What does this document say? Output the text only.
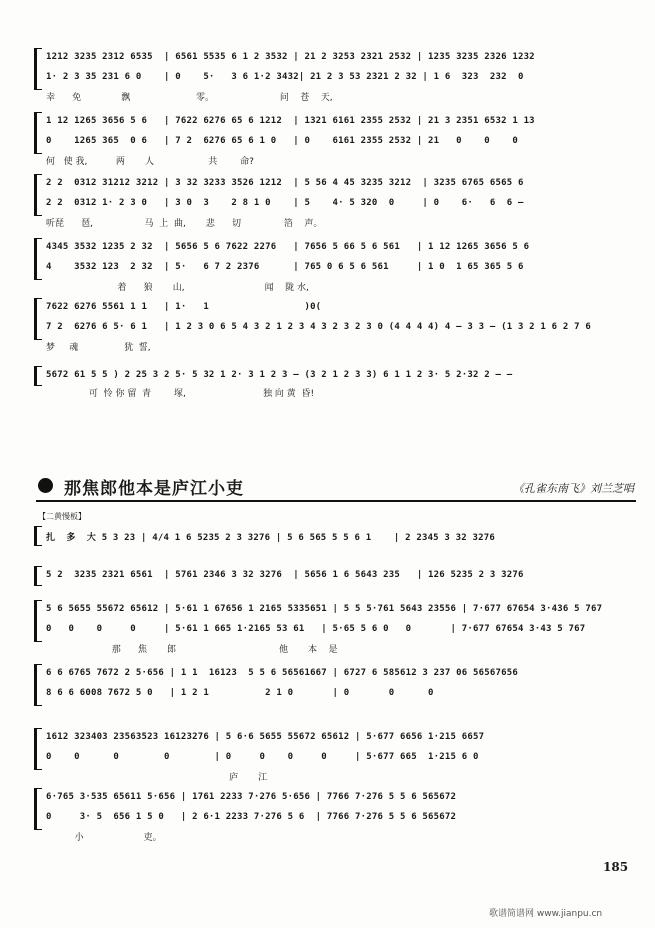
1212 3235 2312 6535  | 6561 5535 6 1 2 3532 | 21 2 3253 2321 2532 | 1235 3235 2326 1232
1· 2 3 35 231 6 0    | 0    5·   3 6 1·2 3432| 21 2 3 53 2321 2 32 | 1 6  323  232  0
幸      免              飘                       零。                       问    苍    天,
1 12 1265 3656 5 6   | 7622 6276 65 6 1212  | 1321 6161 2355 2532 | 21 3 2351 6532 1 13
0    1265 365  0 6   | 7 2  6276 65 6 1 0   | 0    6161 2355 2532 | 21   0    0    0
何   使 我,          两       人                   共        命?
2 2  0312 31212 3212 | 3 32 3233 3526 1212  | 5 56 4 45 3235 3212  | 3235 6765 6565 6
2 2  0312 1· 2 3 0   | 3 0  3    2 8 1 0    | 5    4· 5 320  0     | 0    6·   6  6 –
听琵      琶,                  马  上  曲,       悲      切               箔    声。
4345 3532 1235 2 32  | 5656 5 6 7622 2276   | 7656 5 66 5 6 561   | 1 12 1265 3656 5 6
4    3532 123  2 32  | 5·   6 7 2 2376      | 765 0 6 5 6 561     | 1 0  1 65 365 5 6
着      狼       山,                            闻    陇 水,
7622 6276 5561 1 1   | 1·   1                 )0(
7 2  6276 6 5· 6 1   | 1 2 3 0 6 5 4 3 2 1 2 3 4 3 2 3 2 3 0 (4 4 4 4) 4 – 3 3 – (1 3 2 1 6 2 7 6
梦     魂                犹  誓,
5672 61 5 5 ) 2 25 3 2 5· 5 32 1 2· 3 1 2 3 – (3 2 1 2 3 3) 6 1 1 2 3· 5 2·32 2 – –
可  怜 你 留  青        塚,                           独 向 黄  昏!
那焦郎他本是庐江小吏	《孔雀东南飞》刘兰芝唱
【二黄慢板】
扎  多  大 5 3 23 | 4/4 1 6 5235 2 3 3276 | 5 6 565 5 5 6 1    | 2 2345 3 32 3276
5 2  3235 2321 6561  | 5761 2346 3 32 3276  | 5656 1 6 5643 235   | 126 5235 2 3 3276
5 6 5655 55672 65612 | 5·61 1 67656 1 2165 5335651 | 5 5 5·761 5643 23556 | 7·677 67654 3·436 5 767
0   0    0     0     | 5·61 1 665 1·2165 53 61   | 5·65 5 6 0   0       | 7·677 67654 3·43 5 767
那      焦       郎                                    他       本    是
6 6 6765 7672 2 5·656 | 1 1  16123  5 5 6 56561667 | 6727 6 585612 3 237 06 56567656
8 6 6 6008 7672 5 0   | 1 2 1          2 1 0       | 0       0      0
1612 323403 23563523 16123276 | 5 6·6 5655 55672 65612 | 5·677 6656 1·215 6657
0    0      0        0        | 0     0    0     0     | 5·677 665  1·215 6 0
庐       江
6·765 3·535 65611 5·656 | 1761 2233 7·276 5·656 | 7766 7·276 5 5 6 565672
0     3· 5  656 1 5 0   | 2 6·1 2233 7·276 5 6  | 7766 7·276 5 5 6 565672
小                     吏。
185
歌谱简谱网 www.jianpu.cn
